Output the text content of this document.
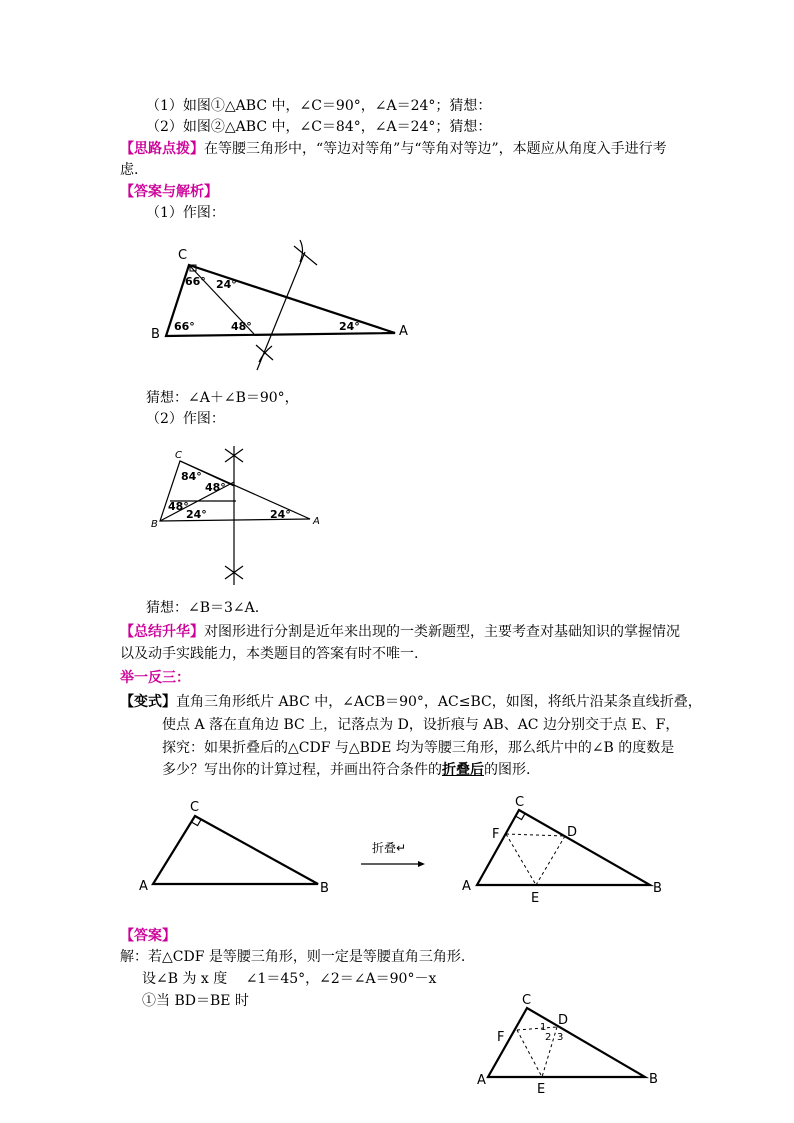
（1）如图①△ABC 中，∠C＝90°，∠A＝24°；猜想：
（2）如图②△ABC 中，∠C＝84°，∠A＝24°；猜想：
【思路点拨】在等腰三角形中，“等边对等角”与“等角对等边”，本题应从角度入手进行考
虑.
【答案与解析】
（1）作图：
C
B	A
66° 24°
66°	48°	24°
猜想：∠A＋∠B＝90°，
（2）作图：
C
B	A
84°
48°
48°
24°	24°
猜想：∠B＝3∠A.
【总结升华】对图形进行分割是近年来出现的一类新题型，主要考查对基础知识的掌握情况
以及动手实践能力，本类题目的答案有时不唯一.
举一反三：
【变式】直角三角形纸片 ABC 中，∠ACB＝90°，AC≤BC，如图，将纸片沿某条直线折叠，
使点 A 落在直角边 BC 上，记落点为 D，设折痕与 AB、AC 边分别交于点 E、F，
探究：如果折叠后的△CDF 与△BDE 均为等腰三角形，那么纸片中的∠B 的度数是
多少？写出你的计算过程，并画出符合条件的折叠后的图形.
C
A	B
折叠↵
C
F	D
A
E
B
【答案】
解：若△CDF 是等腰三角形，则一定是等腰直角三角形.
设∠B 为 x 度　 ∠1＝45°，∠2＝∠A＝90°－x
①当 BD＝BE 时	C
D
F
A
E
B
1
2 3
